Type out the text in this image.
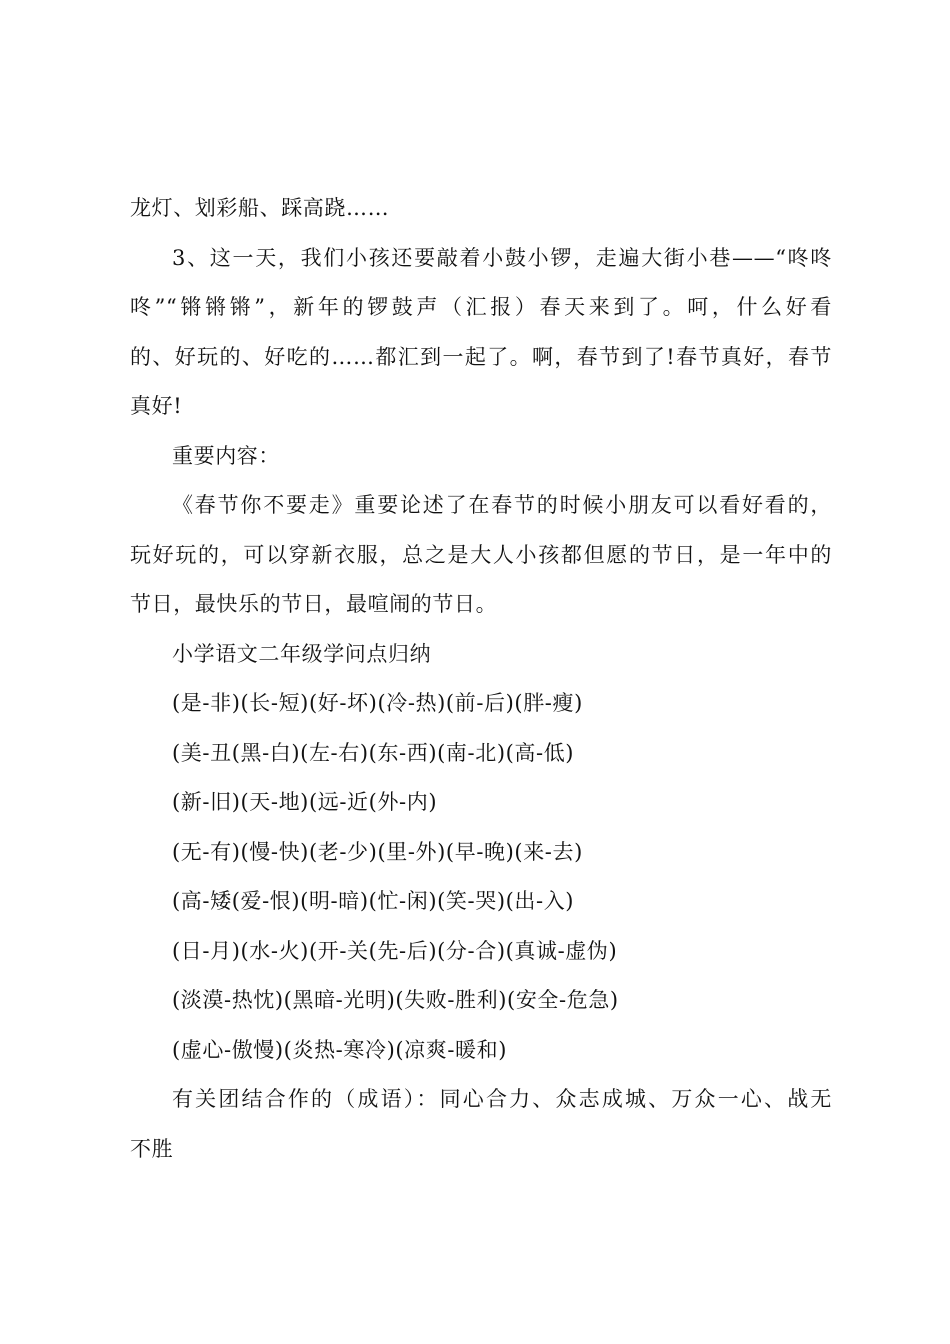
龙灯、划彩船、踩高跷……
3、这一天，我们小孩还要敲着小鼓小锣，走遍大街小巷——“咚咚
咚”“锵锵锵”，新年的锣鼓声（汇报）春天来到了。呵，什么好看
的、好玩的、好吃的……都汇到一起了。啊，春节到了!春节真好，春节
真好!
重要内容：
《春节你不要走》重要论述了在春节的时候小朋友可以看好看的，
玩好玩的，可以穿新衣服，总之是大人小孩都但愿的节日，是一年中的
节日，最快乐的节日，最喧闹的节日。
小学语文二年级学问点归纳
(是-非)(长-短)(好-坏)(冷-热)(前-后)(胖-瘦)
(美-丑(黑-白)(左-右)(东-西)(南-北)(高-低)
(新-旧)(天-地)(远-近(外-内)
(无-有)(慢-快)(老-少)(里-外)(早-晚)(来-去)
(高-矮(爱-恨)(明-暗)(忙-闲)(笑-哭)(出-入)
(日-月)(水-火)(开-关(先-后)(分-合)(真诚-虚伪)
(淡漠-热忱)(黑暗-光明)(失败-胜利)(安全-危急)
(虚心-傲慢)(炎热-寒冷)(凉爽-暖和)
有关团结合作的（成语）：同心合力、众志成城、万众一心、战无
不胜
